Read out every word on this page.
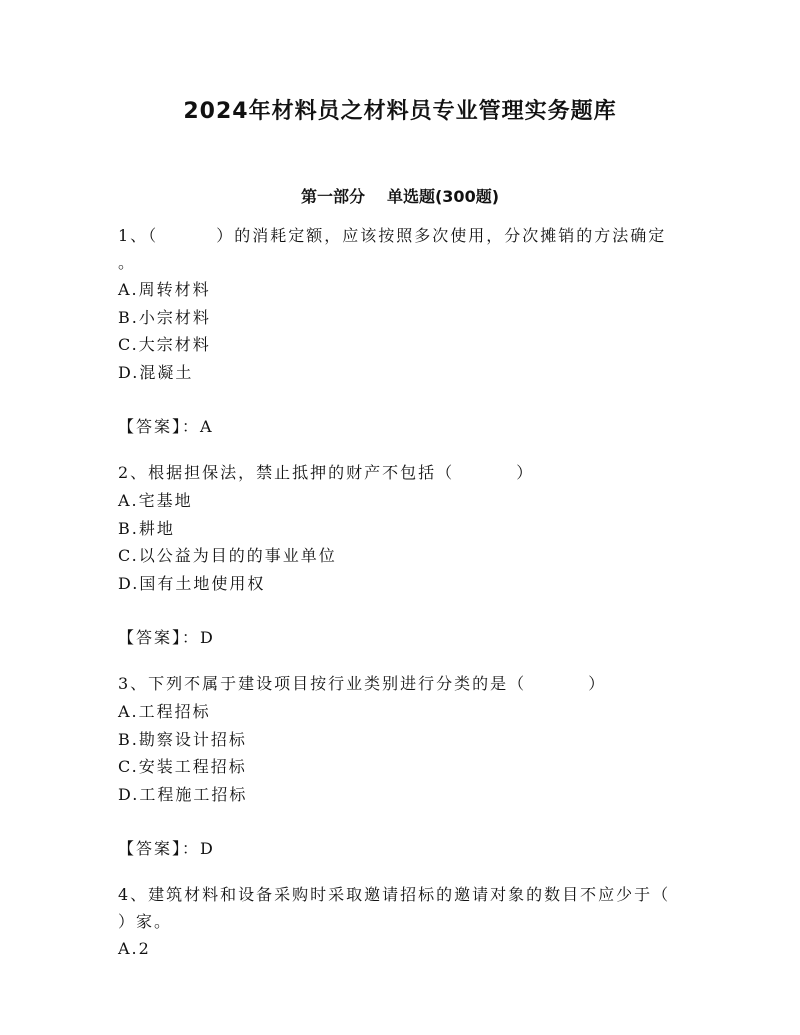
2024年材料员之材料员专业管理实务题库
第一部分 单选题(300题)

1、（	）的消耗定额，应该按照多次使用，分次摊销的方法确定

。

A.周转材料

B.小宗材料

C.大宗材料

D.混凝土

【答案】：A

2、根据担保法，禁止抵押的财产不包括（	）

A.宅基地

B.耕地

C.以公益为目的的事业单位

D.国有土地使用权

【答案】：D

3、下列不属于建设项目按行业类别进行分类的是（	）

A.工程招标

B.勘察设计招标

C.安装工程招标

D.工程施工招标

【答案】：D

4、建筑材料和设备采购时采取邀请招标的邀请对象的数目不应少于（

）家。

A.2
